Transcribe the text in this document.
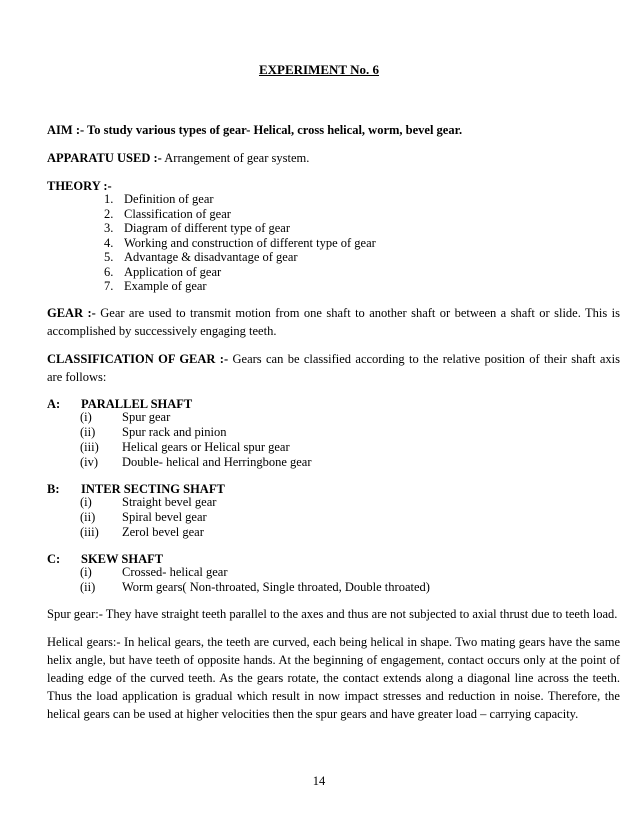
EXPERIMENT No. 6
AIM :- To study various types of gear- Helical, cross helical, worm, bevel gear.
APPARATU USED :- Arrangement of gear system.
THEORY :-
1. Definition of gear
2. Classification of gear
3. Diagram of different type of gear
4. Working and construction of different type of gear
5. Advantage & disadvantage of gear
6. Application of gear
7. Example of gear
GEAR :- Gear are used to transmit motion from one shaft to another shaft or between a shaft or slide. This is
accomplished by successively engaging teeth.
CLASSIFICATION OF GEAR :- Gears can be classified according to the relative position of their shaft axis
are follows:
A: PARALLEL SHAFT
(i) Spur gear
(ii) Spur rack and pinion
(iii) Helical gears or Helical spur gear
(iv) Double- helical and Herringbone gear
B: INTER SECTING SHAFT
(i) Straight bevel gear
(ii) Spiral bevel gear
(iii) Zerol bevel gear
C: SKEW SHAFT
(i) Crossed- helical gear
(ii) Worm gears( Non-throated, Single throated, Double throated)
Spur gear:- They have straight teeth parallel to the axes and thus are not subjected to axial thrust due to teeth load.
Helical gears:- In helical gears, the teeth are curved, each being helical in shape. Two mating gears have the same
helix angle, but have teeth of opposite hands. At the beginning of engagement, contact occurs only at the point of
leading edge of the curved teeth. As the gears rotate, the contact extends along a diagonal line across the teeth.
Thus the load application is gradual which result in now impact stresses and reduction in noise. Therefore, the
helical gears can be used at higher velocities then the spur gears and have greater load – carrying capacity.
14
